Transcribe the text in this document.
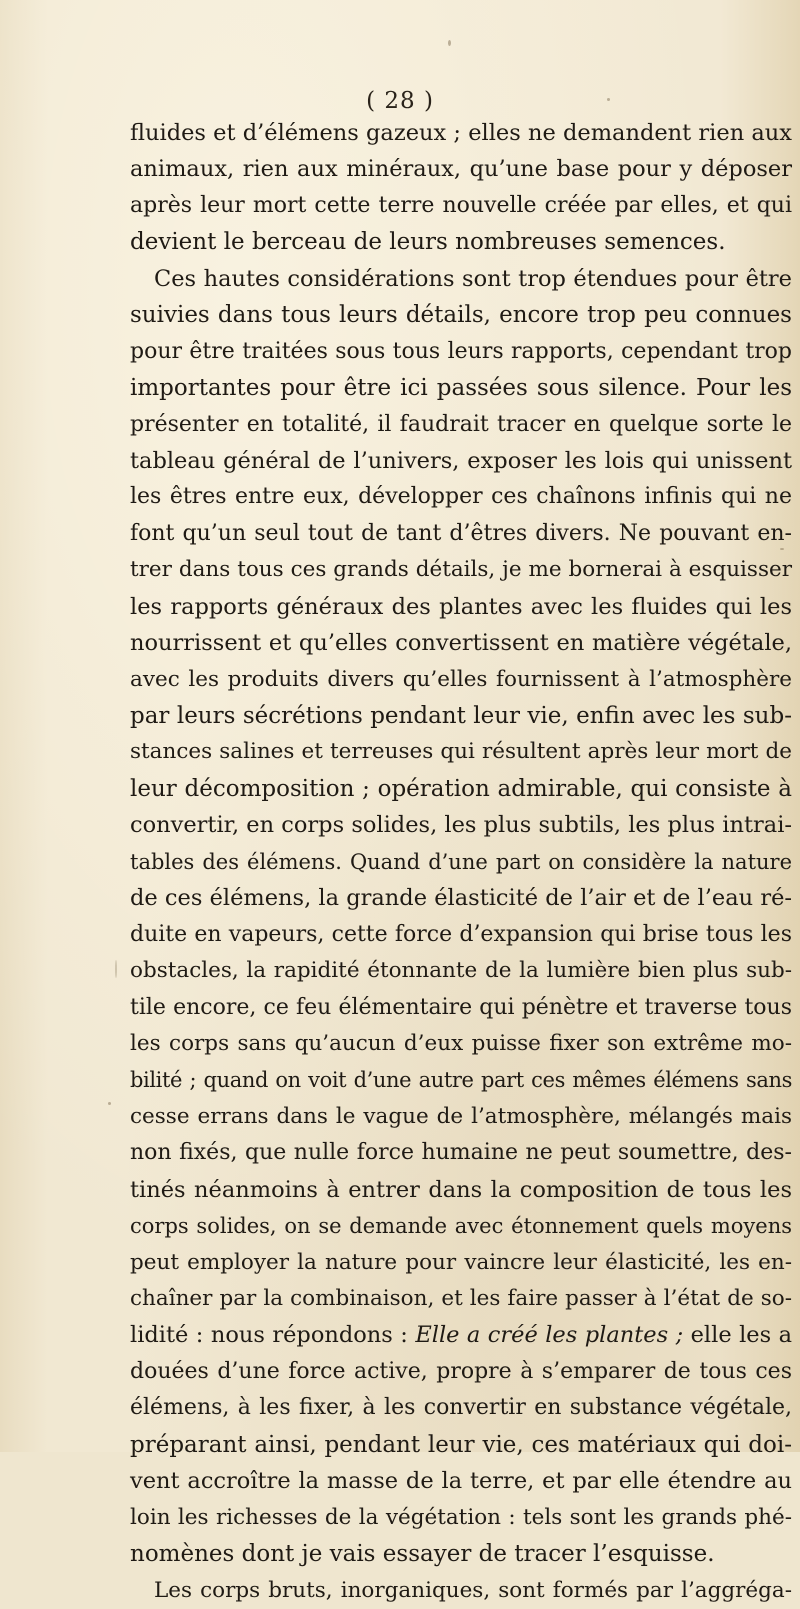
( 28 )
fluides et d’élémens gazeux ; elles ne demandent rien aux
animaux, rien aux minéraux, qu’une base pour y déposer
après leur mort cette terre nouvelle créée par elles, et qui
devient le berceau de leurs nombreuses semences.
Ces hautes considérations sont trop étendues pour être
suivies dans tous leurs détails, encore trop peu connues
pour être traitées sous tous leurs rapports, cependant trop
importantes pour être ici passées sous silence. Pour les
présenter en totalité, il faudrait tracer en quelque sorte le
tableau général de l’univers, exposer les lois qui unissent
les êtres entre eux, développer ces chaînons infinis qui ne
font qu’un seul tout de tant d’êtres divers. Ne pouvant en-
trer dans tous ces grands détails, je me bornerai à esquisser
les rapports généraux des plantes avec les fluides qui les
nourrissent et qu’elles convertissent en matière végétale,
avec les produits divers qu’elles fournissent à l’atmosphère
par leurs sécrétions pendant leur vie, enfin avec les sub-
stances salines et terreuses qui résultent après leur mort de
leur décomposition ; opération admirable, qui consiste à
convertir, en corps solides, les plus subtils, les plus intrai-
tables des élémens. Quand d’une part on considère la nature
de ces élémens, la grande élasticité de l’air et de l’eau ré-
duite en vapeurs, cette force d’expansion qui brise tous les
obstacles, la rapidité étonnante de la lumière bien plus sub-
tile encore, ce feu élémentaire qui pénètre et traverse tous
les corps sans qu’aucun d’eux puisse fixer son extrême mo-
bilité ; quand on voit d’une autre part ces mêmes élémens sans
cesse errans dans le vague de l’atmosphère, mélangés mais
non fixés, que nulle force humaine ne peut soumettre, des-
tinés néanmoins à entrer dans la composition de tous les
corps solides, on se demande avec étonnement quels moyens
peut employer la nature pour vaincre leur élasticité, les en-
chaîner par la combinaison, et les faire passer à l’état de so-
lidité : nous répondons : Elle a créé les plantes ; elle les a
douées d’une force active, propre à s’emparer de tous ces
élémens, à les fixer, à les convertir en substance végétale,
préparant ainsi, pendant leur vie, ces matériaux qui doi-
vent accroître la masse de la terre, et par elle étendre au
loin les richesses de la végétation : tels sont les grands phé-
nomènes dont je vais essayer de tracer l’esquisse.
Les corps bruts, inorganiques, sont formés par l’aggréga-
